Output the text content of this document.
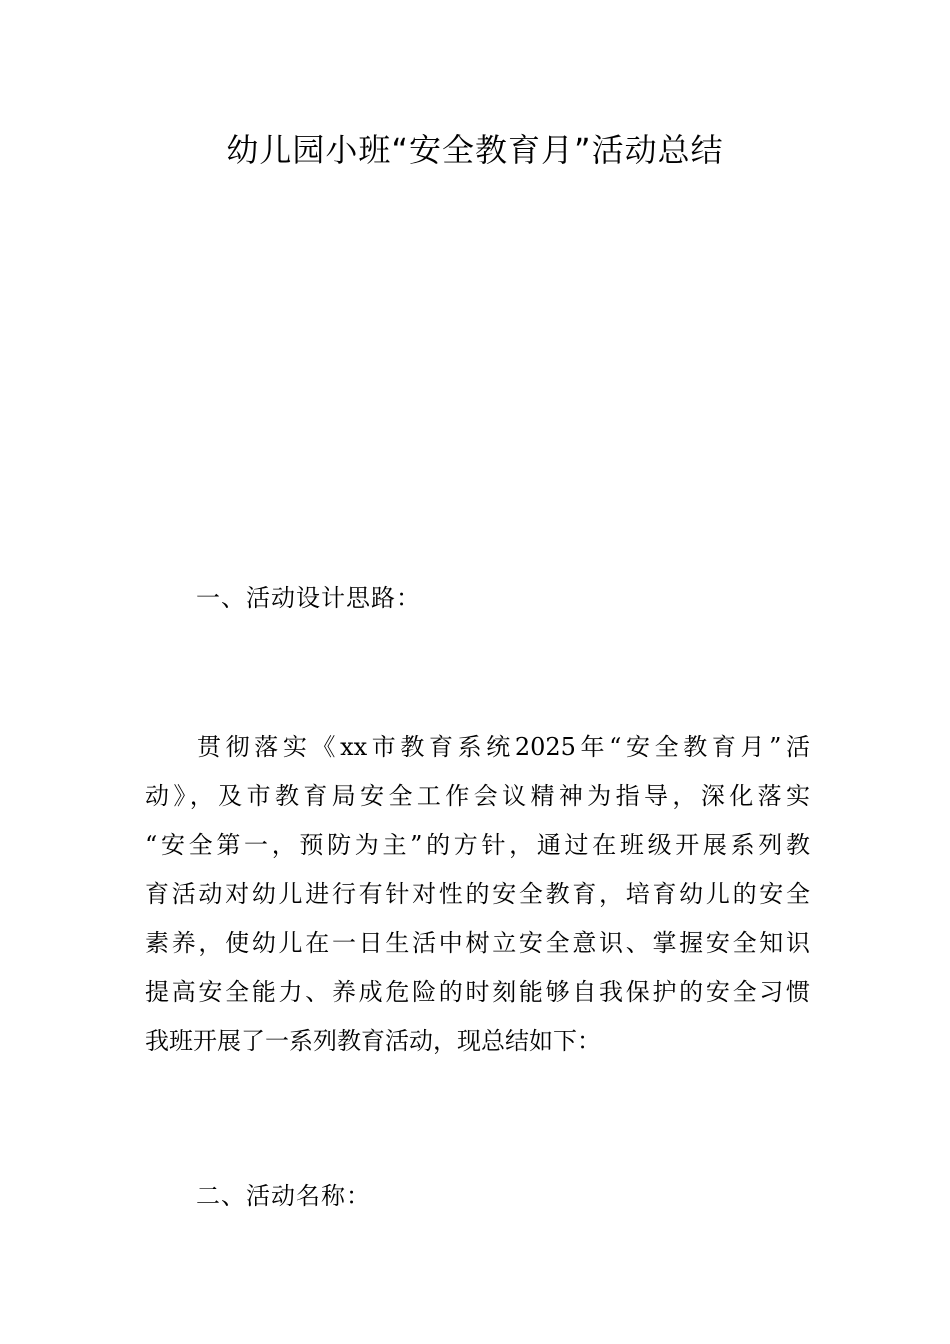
幼儿园小班“安全教育月”活动总结
一、活动设计思路：
贯彻落实《xx市教育系统2025年“安全教育月”活
动》，及市教育局安全工作会议精神为指导，深化落实
“安全第一，预防为主”的方针，通过在班级开展系列教
育活动对幼儿进行有针对性的安全教育，培育幼儿的安全
素养，使幼儿在一日生活中树立安全意识、掌握安全知识
提高安全能力、养成危险的时刻能够自我保护的安全习惯
我班开展了一系列教育活动，现总结如下：
二、活动名称：
